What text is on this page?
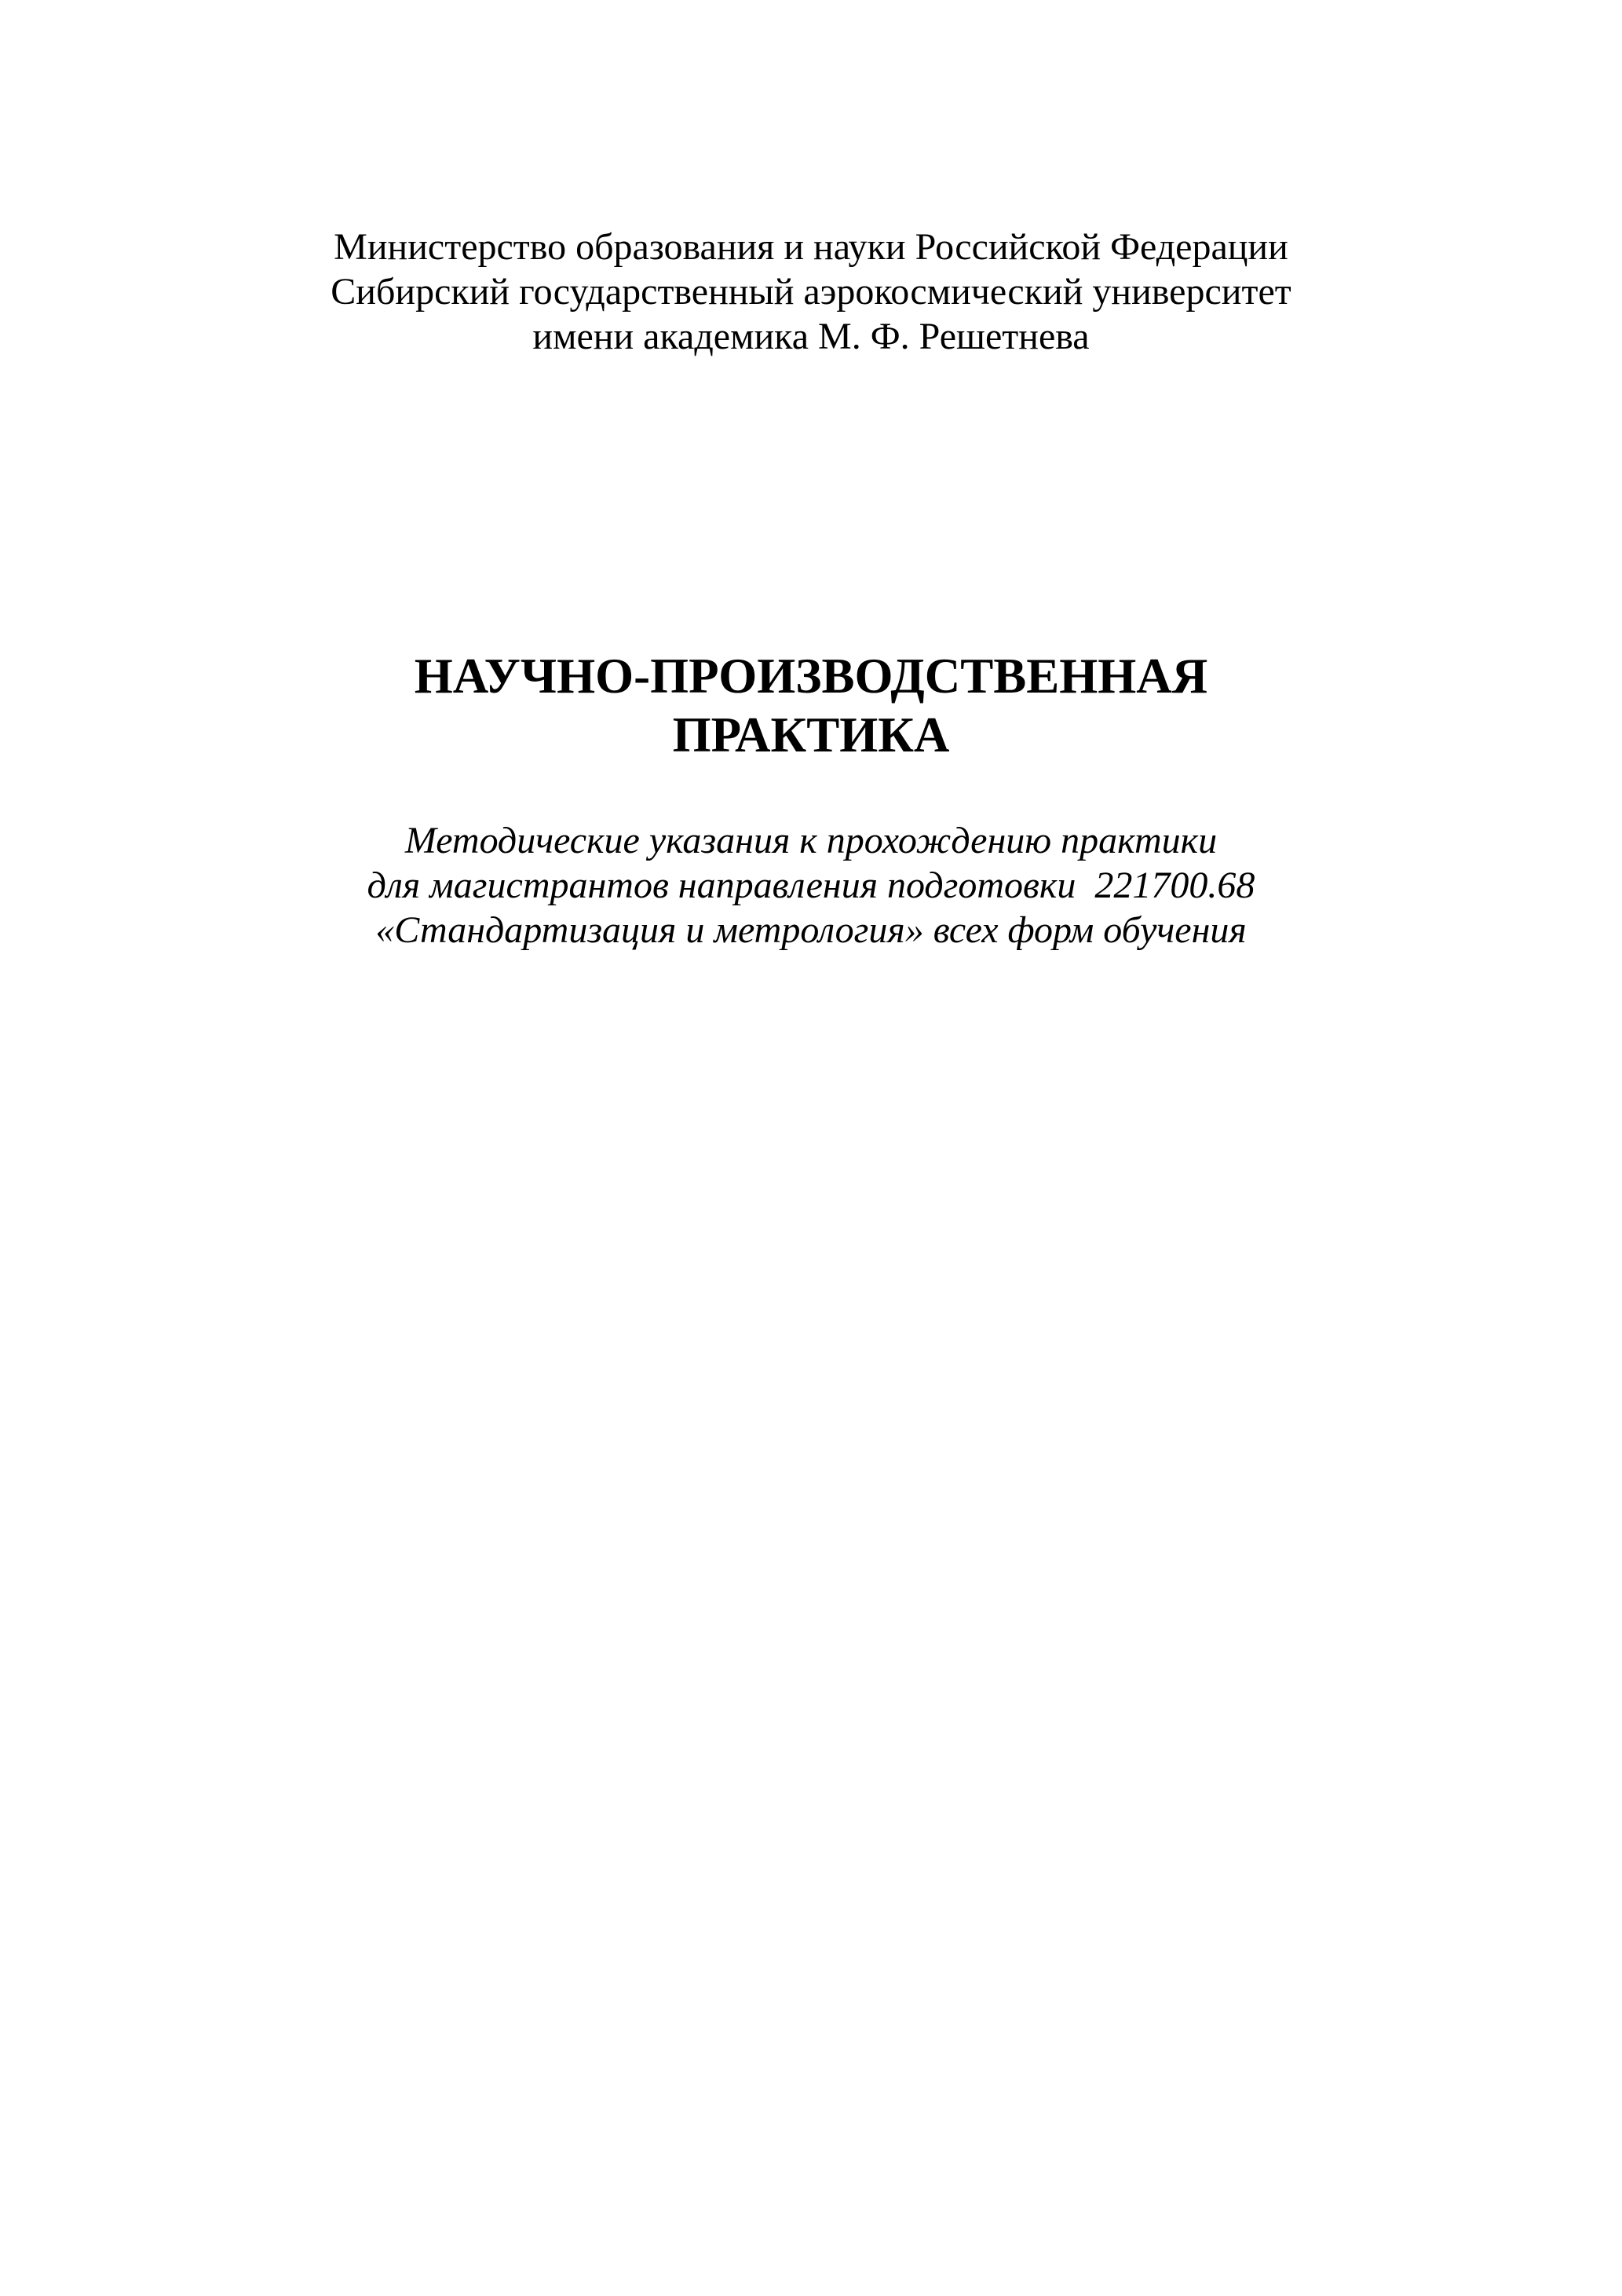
Министерство образования и науки Российской Федерации
Сибирский государственный аэрокосмический университет
имени академика М. Ф. Решетнева
НАУЧНО-ПРОИЗВОДСТВЕННАЯ
ПРАКТИКА
Методические указания к прохождению практики
для магистрантов направления подготовки  221700.68
«Стандартизация и метрология» всех форм обучения
